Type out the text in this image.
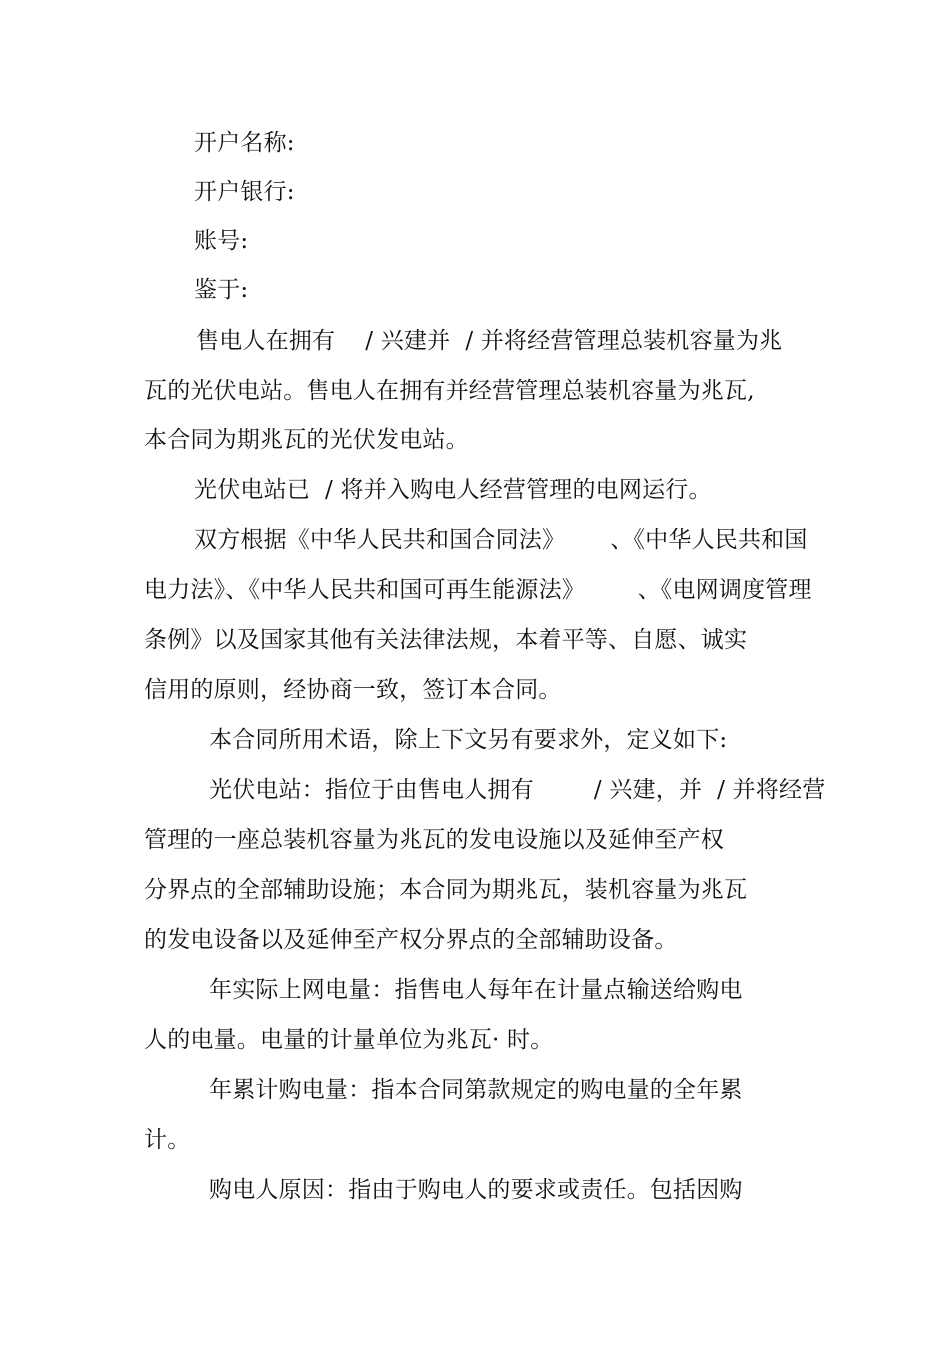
开户名称:
开户银行:
账号:
鉴于:
售电人在拥有    / 兴建并  / 并将经营管理总装机容量为兆
瓦的光伏电站。售电人在拥有并经营管理总装机容量为兆瓦,
本合同为期兆瓦的光伏发电站。
光伏电站已  / 将并入购电人经营管理的电网运行。
双方根据《中华人民共和国合同法》      、《中华人民共和国
电力法》、《中华人民共和国可再生能源法》       、《电网调度管理
条例》以及国家其他有关法律法规，本着平等、自愿、诚实
信用的原则，经协商一致，签订本合同。
本合同所用术语，除上下文另有要求外，定义如下:
光伏电站：指位于由售电人拥有        / 兴建，并  / 并将经营
管理的一座总装机容量为兆瓦的发电设施以及延伸至产权
分界点的全部辅助设施；本合同为期兆瓦，装机容量为兆瓦
的发电设备以及延伸至产权分界点的全部辅助设备。
年实际上网电量：指售电人每年在计量点输送给购电
人的电量。电量的计量单位为兆瓦· 时。
年累计购电量：指本合同第款规定的购电量的全年累
计。
购电人原因：指由于购电人的要求或责任。包括因购
